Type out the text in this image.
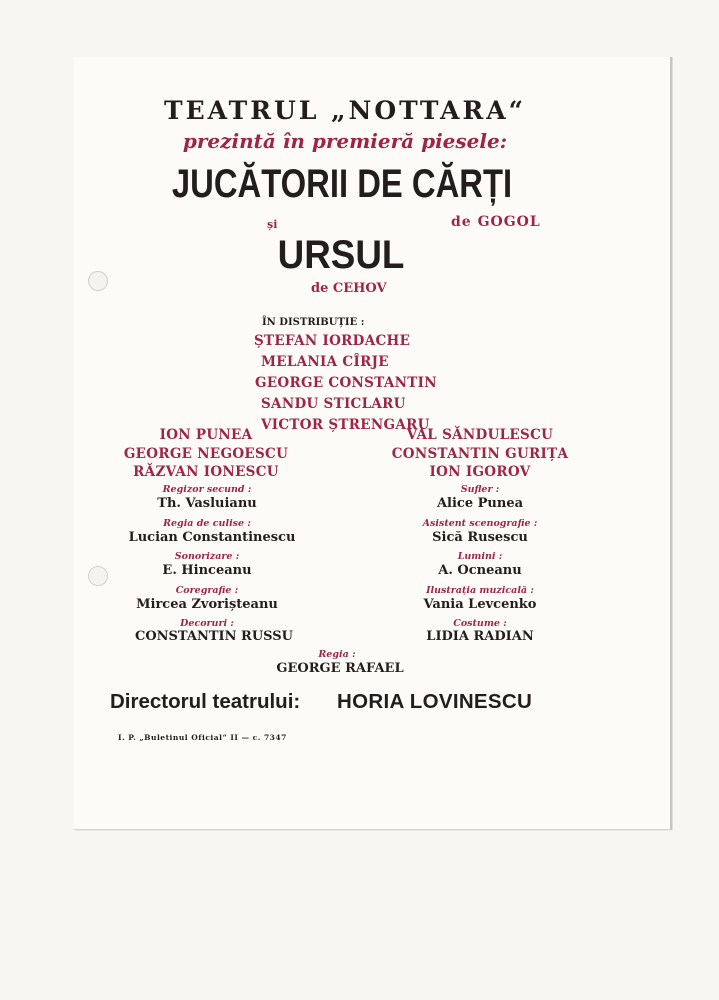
TEATRUL „NOTTARA“
prezintă în premieră piesele:
JUCĂTORII DE CĂRȚI
și	de GOGOL
URSUL
de CEHOV
ÎN DISTRIBUȚIE :
ȘTEFAN IORDACHE
MELANIA CÎRJE
GEORGE CONSTANTIN
SANDU STICLARU
VICTOR ȘTRENGARU
ION PUNEA
GEORGE NEGOESCU
RĂZVAN IONESCU
VAL SĂNDULESCU
CONSTANTIN GURIȚA
ION IGOROV
Regizor secund :
Th. Vasluianu
Regia de culise :
Lucian Constantinescu
Sonorizare :
E. Hinceanu
Coregrafie :
Mircea Zvorișteanu
Decoruri :
CONSTANTIN RUSSU
Sufler :
Alice Punea
Asistent scenografie :
Sică Rusescu
Lumini :
A. Ocneanu
Ilustrația muzicală :
Vania Levcenko
Costume :
LIDIA RADIAN
Regia :
GEORGE RAFAEL
Directorul teatrului: HORIA LOVINESCU
I. P. „Buletinul Oficial“ II — c. 7347
